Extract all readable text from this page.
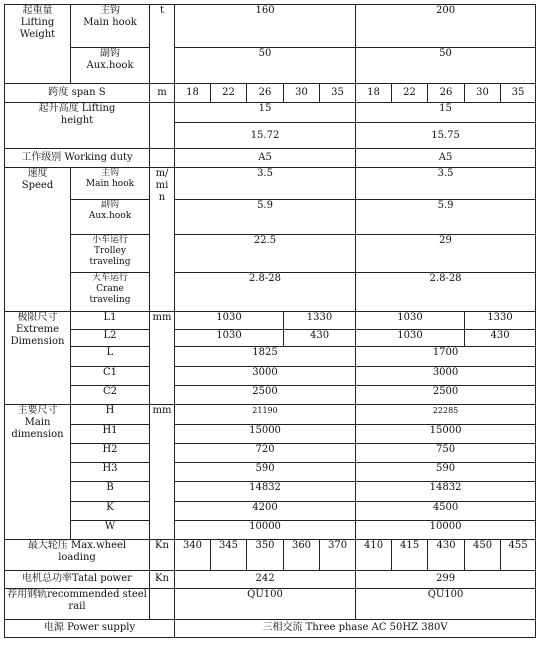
起重量
Lifting
Weight	主钩
Main hook	t	160					200				
	副钩
Aux.hook		50					50				
跨度 span S		m	18	22	26	30	35	18	22	26	30	35
起升高度 Lifting
height			15					15				
			15.72					15.75				
工作级别 Working duty			A5					A5				
速度
Speed	主钩
Main hook	m/
mi
n	3.5					3.5				
	副钩
Aux.hook		5.9					5.9				
	小车运行
Trolley
traveling		22.5					29				
	大车运行
Crane
traveling		2.8-28					2.8-28				
极限尺寸
Extreme
Dimension	L1	mm	1030			1330		1030			1330	
	L2		1030			430		1030			430	
	L		1825					1700				
	C1		3000					3000				
	C2		2500					2500				
主要尺寸
Main
dimension	H	mm	21190					22285				
	H1		15000					15000				
	H2		720					750				
	H3		590					590				
	B		14832					14832				
	K		4200					4500				
	W		10000					10000				
最大轮压 Max.wheel
loading		Kn	340	345	350	360	370	410	415	430	450	455
电机总功率Tatal power		Kn	242					299				
荐用钢轨recommended steel
rail			QU100					QU100				
电源 Power supply			三相交流 Three phase AC 50HZ 380V									
